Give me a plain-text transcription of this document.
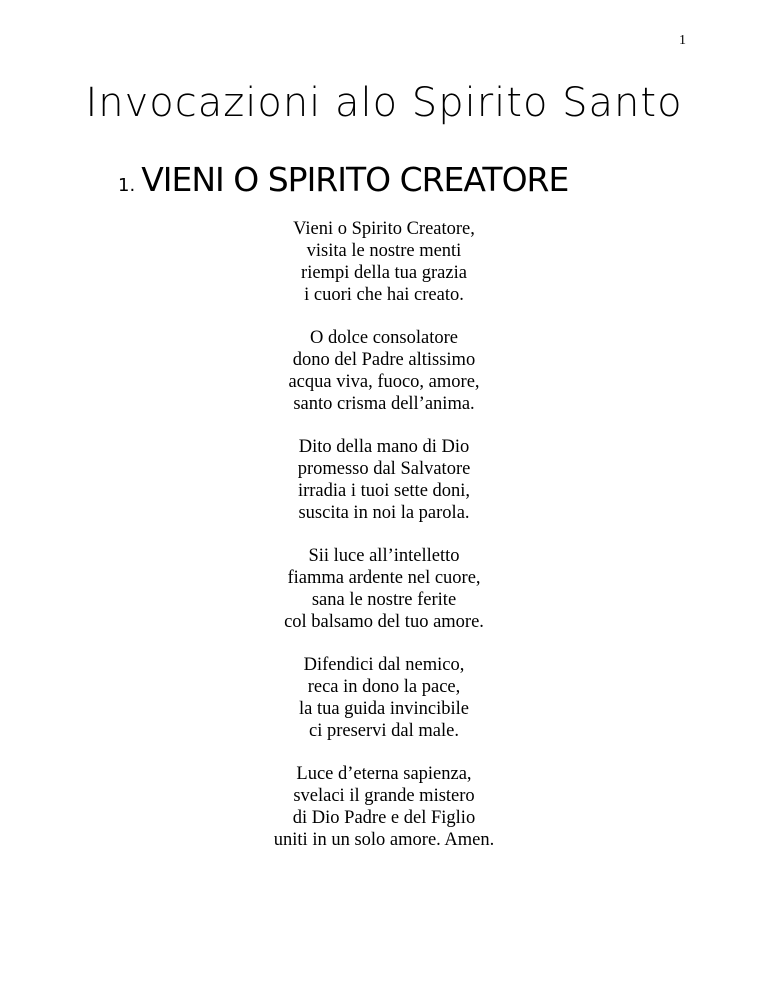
1
Invocazioni alo Spirito Santo
1. VIENI O SPIRITO CREATORE
Vieni o Spirito Creatore,
visita le nostre menti
riempi della tua grazia
i cuori che hai creato.
O dolce consolatore
dono del Padre altissimo
acqua viva, fuoco, amore,
santo crisma dell’anima.
Dito della mano di Dio
promesso dal Salvatore
irradia i tuoi sette doni,
suscita in noi la parola.
Sii luce all’intelletto
fiamma ardente nel cuore,
sana le nostre ferite
col balsamo del tuo amore.
Difendici dal nemico,
reca in dono la pace,
la tua guida invincibile
ci preservi dal male.
Luce d’eterna sapienza,
svelaci il grande mistero
di Dio Padre e del Figlio
uniti in un solo amore. Amen.
